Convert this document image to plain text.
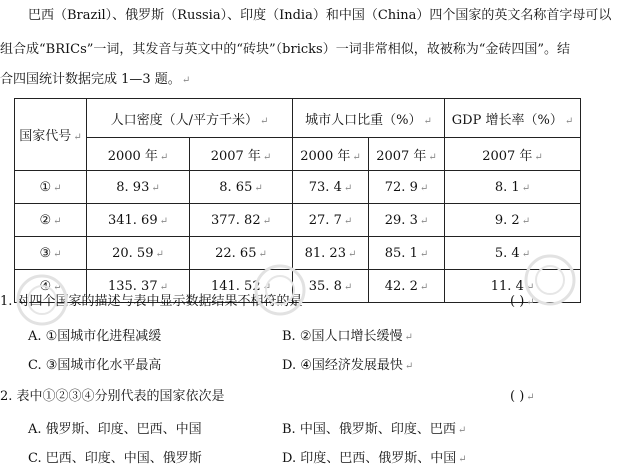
巴西（Brazil）、俄罗斯（Russia）、印度（India）和中国（China）四个国家的英文名称首字母可以
组合成“BRICs”一词，其发音与英文中的“砖块”（bricks）一词非常相似，故被称为“金砖四国”。结
合四国统计数据完成 1—3 题。↵
国家代号 ↵	人口密度（人/平方千米） ↵		城市人口比重（%） ↵		GDP 增长率（%） ↵
	2000 年 ↵	2007 年 ↵	2000 年 ↵	2007 年 ↵	2007 年 ↵
① ↵	8. 93 ↵	8. 65 ↵	73. 4 ↵	72. 9 ↵	8. 1 ↵
② ↵	341. 69 ↵	377. 82 ↵	27. 7 ↵	29. 3 ↵	9. 2 ↵
③ ↵	20. 59 ↵	22. 65 ↵	81. 23 ↵	85. 1 ↵	5. 4 ↵
④ ↵	135. 37 ↵	141. 52 ↵	35. 8 ↵	42. 2 ↵	11. 4 ↵
1. 对四个国家的描述与表中显示数据结果不相符的是	( ) ↵
A. ①国城市化进程减缓	B. ②国人口增长缓慢 ↵
C. ③国城市化水平最高	D. ④国经济发展最快 ↵
2. 表中①②③④分别代表的国家依次是	( ) ↵
A. 俄罗斯、印度、巴西、中国	B. 中国、俄罗斯、印度、巴西 ↵
C. 巴西、印度、中国、俄罗斯	D. 印度、巴西、俄罗斯、中国 ↵
